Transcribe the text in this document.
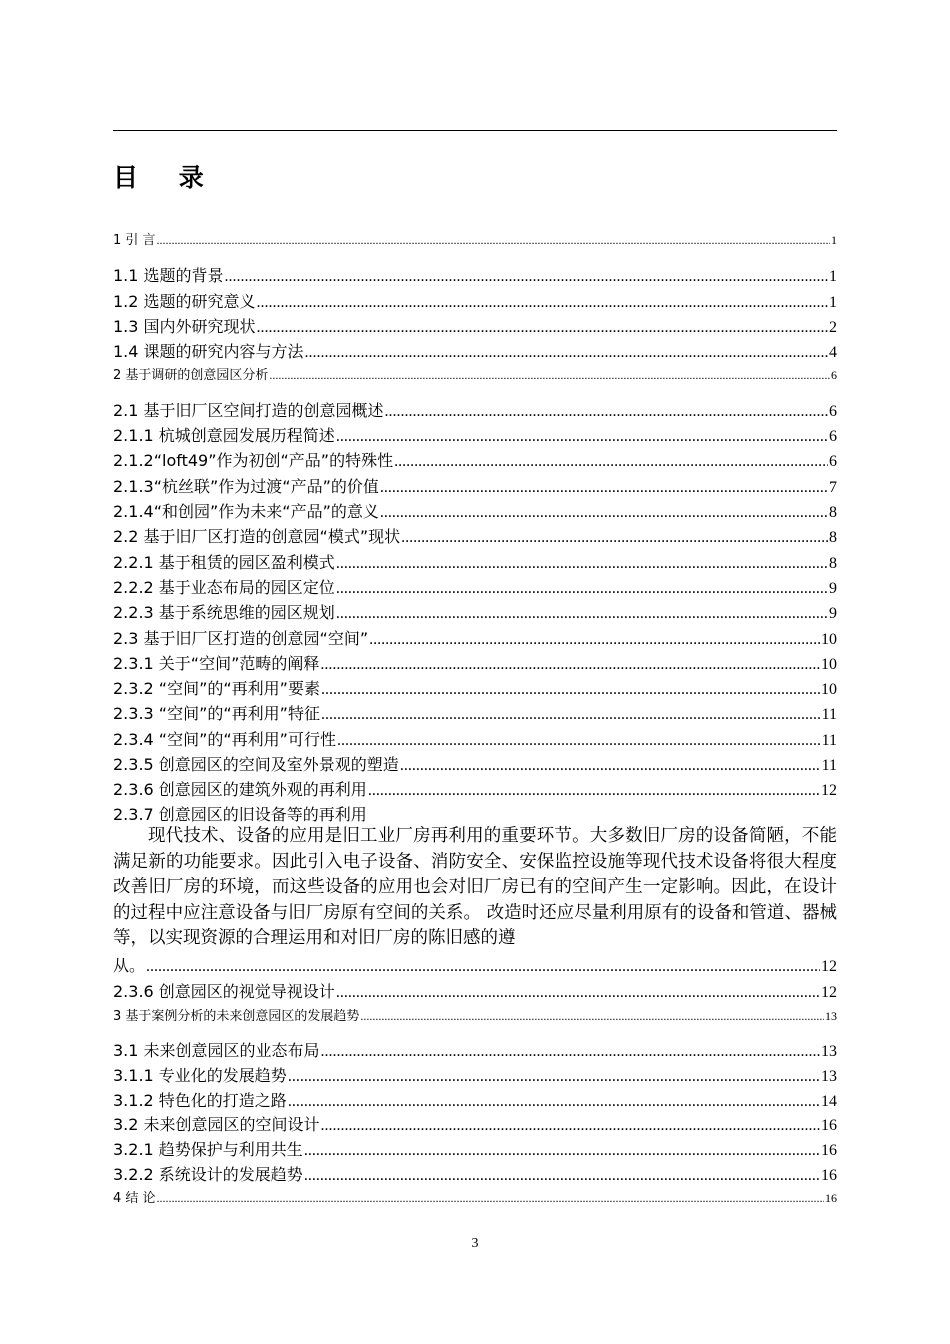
目 录
1 引 言 .....	1
1.1 选题的背景 .....	1
1.2 选题的研究意义 .....	1
1.3 国内外研究现状 .....	2
1.4 课题的研究内容与方法 .....	4
2 基于调研的创意园区分析 .....	6
2.1 基于旧厂区空间打造的创意园概述 .....	6
2.1.1 杭城创意园发展历程简述 .....	6
2.1.2“loft49”作为初创“产品”的特殊性 .....	6
2.1.3“杭丝联”作为过渡“产品”的价值 .....	7
2.1.4“和创园”作为未来“产品”的意义 .....	8
2.2 基于旧厂区打造的创意园“模式”现状 .....	8
2.2.1 基于租赁的园区盈利模式 .....	8
2.2.2 基于业态布局的园区定位 .....	9
2.2.3 基于系统思维的园区规划 .....	9
2.3 基于旧厂区打造的创意园“空间” .....	10
2.3.1 关于“空间”范畴的阐释 .....	10
2.3.2 “空间”的“再利用”要素 .....	10
2.3.3 “空间”的“再利用”特征 .....	11
2.3.4 “空间”的“再利用”可行性 .....	11
2.3.5 创意园区的空间及室外景观的塑造 .....	11
2.3.6 创意园区的建筑外观的再利用 .....	12
2.3.7 创意园区的旧设备等的再利用
现代技术、设备的应用是旧工业厂房再利用的重要环节。大多数旧厂房的设备简陋，不能满足新的功能要求。因此引入电子设备、消防安全、安保监控设施等现代技术设备将很大程度改善旧厂房的环境，而这些设备的应用也会对旧厂房已有的空间产生一定影响。因此，在设计的过程中应注意设备与旧厂房原有空间的关系。 改造时还应尽量利用原有的设备和管道、器械等，以实现资源的合理运用和对旧厂房的陈旧感的遵
从。 .....	12
2.3.6 创意园区的视觉导视设计 .....	12
3 基于案例分析的未来创意园区的发展趋势 .....	13
3.1 未来创意园区的业态布局 .....	13
3.1.1 专业化的发展趋势 .....	13
3.1.2 特色化的打造之路 .....	14
3.2 未来创意园区的空间设计 .....	16
3.2.1 趋势保护与利用共生 .....	16
3.2.2 系统设计的发展趋势 .....	16
4 结 论 .....	16
3
